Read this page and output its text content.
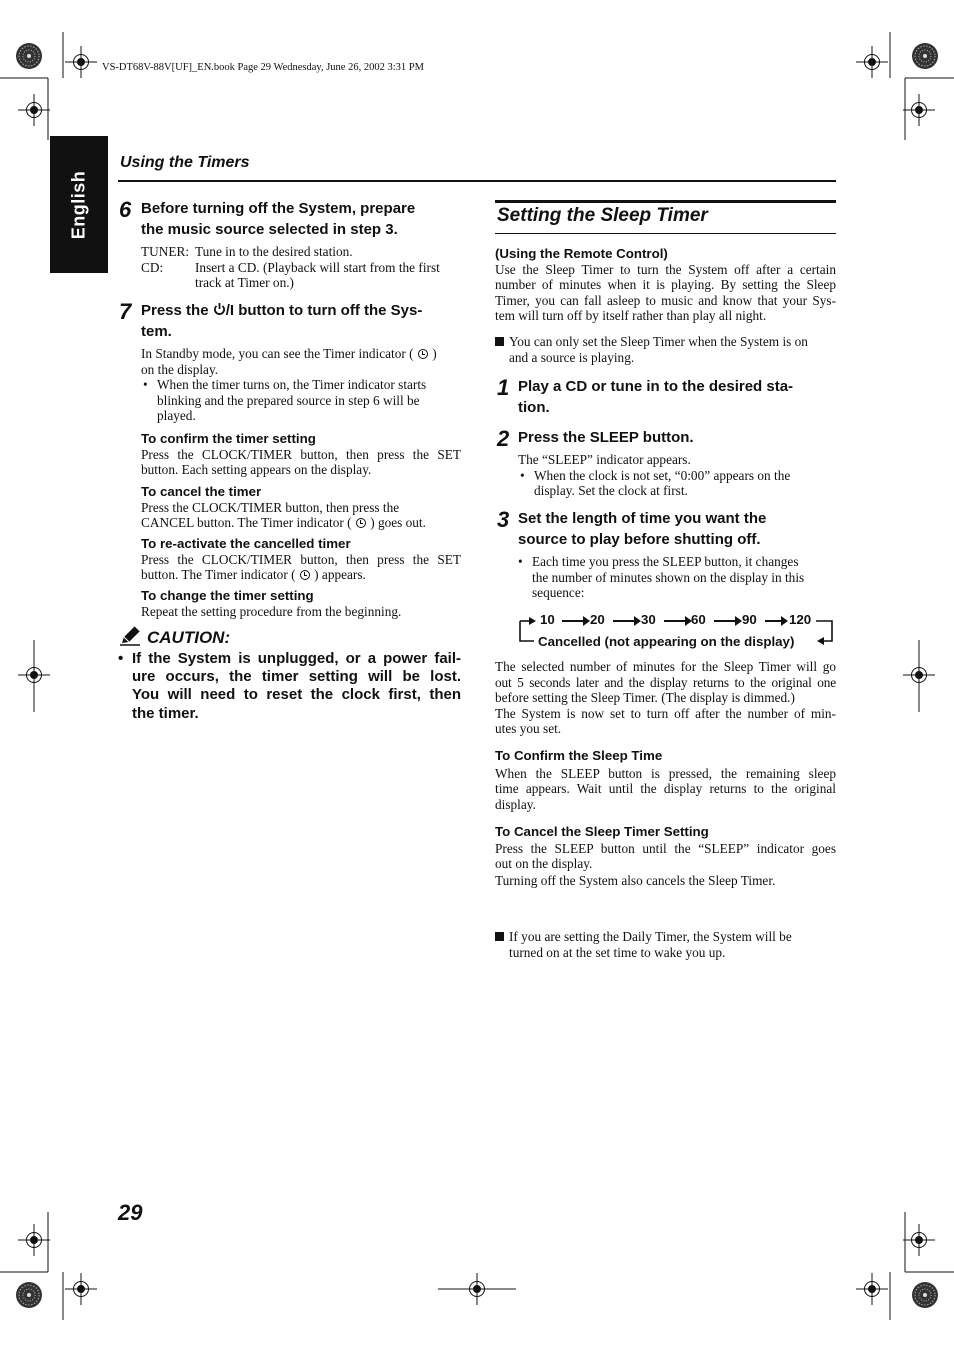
VS-DT68V-88V[UF]_EN.book Page 29 Wednesday, June 26, 2002 3:31 PM
English
Using the Timers
6 Before turning off the System, prepare
the music source selected in step 3.
TUNER: Tune in to the desired station.
CD: Insert a CD. (Playback will start from the first
track at Timer on.)
7 Press the /I button to turn off the Sys-
tem.

In Standby mode, you can see the Timer indicator ( )

on the display.

• When the timer turns on, the Timer indicator starts

blinking and the prepared source in step 6 will be

played.

To confirm the timer setting
Press the CLOCK/TIMER button, then press the SET
button. Each setting appears on the display.
To cancel the timer
Press the CLOCK/TIMER button, then press the
CANCEL button. The Timer indicator ( ) goes out.
To re-activate the cancelled timer
Press the CLOCK/TIMER button, then press the SET
button. The Timer indicator ( ) appears.
To change the timer setting
Repeat the setting procedure from the beginning.
CAUTION:
• If the System is unplugged, or a power fail-
ure occurs, the timer setting will be lost.
You will need to reset the clock first, then
the timer.
Setting the Sleep Timer
(Using the Remote Control)
Use the Sleep Timer to turn the System off after a certain
number of minutes when it is playing. By setting the Sleep
Timer, you can fall asleep to music and know that your Sys-
tem will turn off by itself rather than play all night.
You can only set the Sleep Timer when the System is on
and a source is playing.
1 Play a CD or tune in to the desired sta-
tion.
2 Press the SLEEP button.
The “SLEEP” indicator appears.
• When the clock is not set, “0:00” appears on the
display. Set the clock at first.
3 Set the length of time you want the
source to play before shutting off.
• Each time you press the SLEEP button, it changes
the number of minutes shown on the display in this
sequence:
10	20	30	60	90 120
Cancelled (not appearing on the display)
The selected number of minutes for the Sleep Timer will go
out 5 seconds later and the display returns to the original one
before setting the Sleep Timer. (The display is dimmed.)
The System is now set to turn off after the number of min-
utes you set.
To Confirm the Sleep Time
When the SLEEP button is pressed, the remaining sleep
time appears. Wait until the display returns to the original
display.
To Cancel the Sleep Timer Setting
Press the SLEEP button until the “SLEEP” indicator goes
out on the display.
Turning off the System also cancels the Sleep Timer.
If you are setting the Daily Timer, the System will be
turned on at the set time to wake you up.
29
